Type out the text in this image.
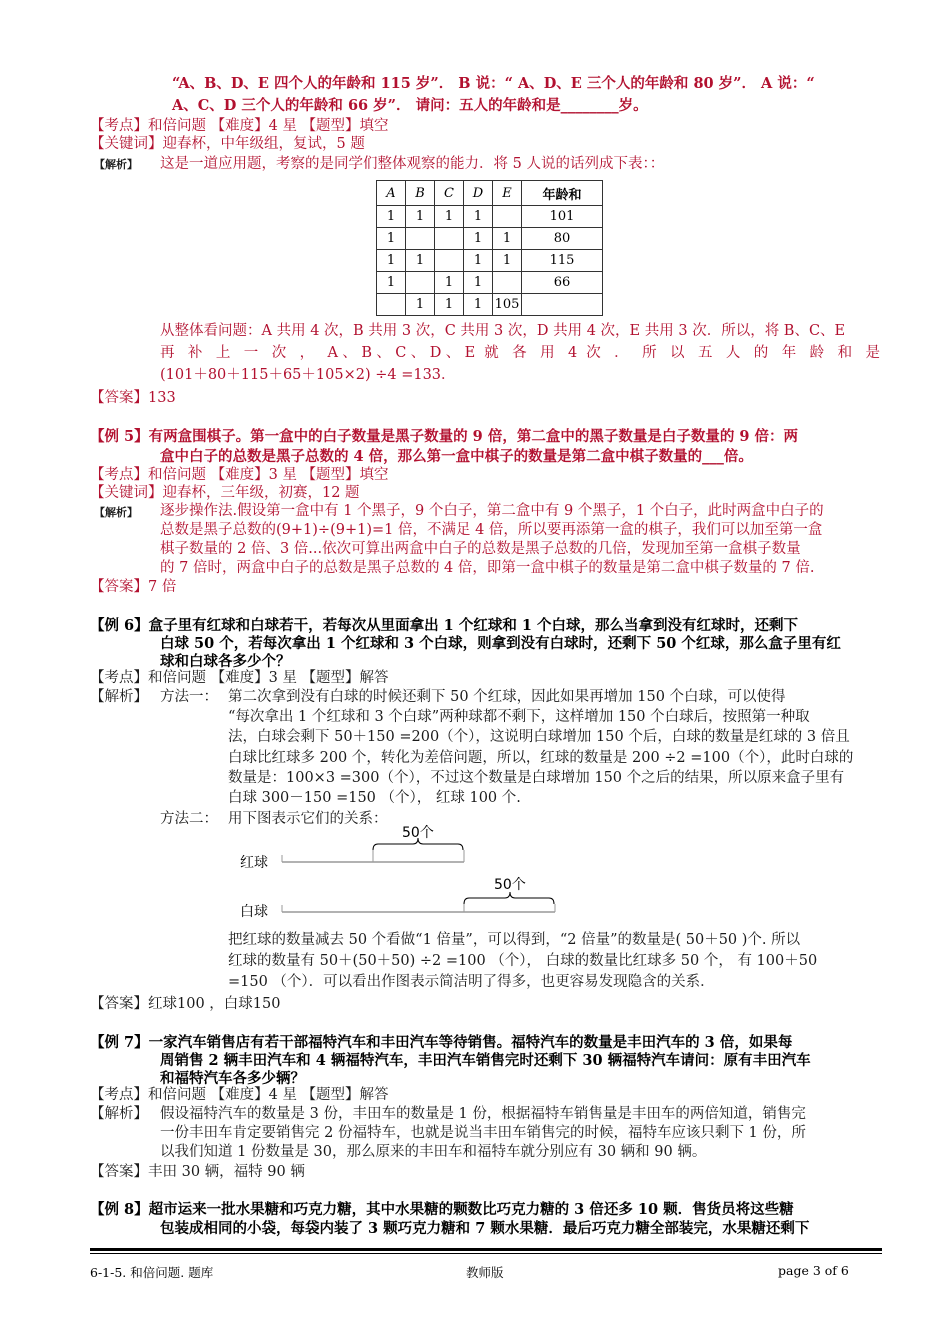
“A、B、D、E 四个人的年龄和 115 岁”． B 说：“ A、D、E 三个人的年龄和 80 岁”． A 说：“
A、C、D 三个人的年龄和 66 岁”． 请问：五人的年龄和是________岁。
【考点】和倍问题 【难度】4 星 【题型】填空
【关键词】迎春杯，中年级组，复试，5 题
【解析】 这是一道应用题，考察的是同学们整体观察的能力．将 5 人说的话列成下表：：
A	B	C	D	E	年龄和
1	1	1	1		101
1			1	1	80
1	1		1	1	115
1		1	1		66
	1	1	1	105	
从整体看问题：A 共用 4 次，B 共用 3 次，C 共用 3 次，D 共用 4 次，E 共用 3 次．所以，将 B、C、E
再 补 上 一 次 ， A、B、C、D、E 就 各 用 4 次 ． 所 以 五 人 的 年 龄 和 是
(101＋80＋115＋65＋105×2) ÷4 =133．
【答案】133
【例 5】有两盒围棋子。第一盒中的白子数量是黑子数量的 9 倍，第二盒中的黑子数量是白子数量的 9 倍：两
盒中白子的总数是黑子总数的 4 倍，那么第一盒中棋子的数量是第二盒中棋子数量的___倍。
【考点】和倍问题 【难度】3 星 【题型】填空
【关键词】迎春杯，三年级，初赛，12 题
【解析】 逐步操作法.假设第一盒中有 1 个黑子，9 个白子，第二盒中有 9 个黑子，1 个白子，此时两盒中白子的
总数是黑子总数的(9+1)÷(9+1)=1 倍，不满足 4 倍，所以要再添第一盒的棋子，我们可以加至第一盒
棋子数量的 2 倍、3 倍...依次可算出两盒中白子的总数是黑子总数的几倍，发现加至第一盒棋子数量
的 7 倍时，两盒中白子的总数是黑子总数的 4 倍，即第一盒中棋子的数量是第二盒中棋子数量的 7 倍.
【答案】7 倍
【例 6】盒子里有红球和白球若干，若每次从里面拿出 1 个红球和 1 个白球，那么当拿到没有红球时，还剩下
白球 50 个，若每次拿出 1 个红球和 3 个白球，则拿到没有白球时，还剩下 50 个红球，那么盒子里有红
球和白球各多少个？
【考点】和倍问题 【难度】3 星 【题型】解答
【解析】 方法一： 第二次拿到没有白球的时候还剩下 50 个红球，因此如果再增加 150 个白球，可以使得
“每次拿出 1 个红球和 3 个白球”两种球都不剩下，这样增加 150 个白球后，按照第一种取
法，白球会剩下 50＋150 =200（个），这说明白球增加 150 个后，白球的数量是红球的 3 倍且
白球比红球多 200 个，转化为差倍问题，所以，红球的数量是 200 ÷2 =100（个），此时白球的
数量是：100×3 =300（个），不过这个数量是白球增加 150 个之后的结果，所以原来盒子里有
白球 300－150 =150 （个）， 红球 100 个.
方法二： 用下图表示它们的关系：
50个
红球
50个
白球
把红球的数量减去 50 个看做“1 倍量”，可以得到，“2 倍量”的数量是( 50＋50 )个. 所以
红球的数量有 50＋(50＋50) ÷2 =100 （个）， 白球的数量比红球多 50 个， 有 100＋50
=150 （个）．可以看出作图表示简洁明了得多，也更容易发现隐含的关系．
【答案】红球100 ，白球150
【例 7】一家汽车销售店有若干部福特汽车和丰田汽车等待销售。福特汽车的数量是丰田汽车的 3 倍，如果每
周销售 2 辆丰田汽车和 4 辆福特汽车，丰田汽车销售完时还剩下 30 辆福特汽车请问：原有丰田汽车
和福特汽车各多少辆？
【考点】和倍问题 【难度】4 星 【题型】解答
【解析】 假设福特汽车的数量是 3 份，丰田车的数量是 1 份，根据福特车销售量是丰田车的两倍知道，销售完
一份丰田车肯定要销售完 2 份福特车，也就是说当丰田车销售完的时候，福特车应该只剩下 1 份，所
以我们知道 1 份数量是 30，那么原来的丰田车和福特车就分别应有 30 辆和 90 辆。
【答案】丰田 30 辆，福特 90 辆
【例 8】超市运来一批水果糖和巧克力糖，其中水果糖的颗数比巧克力糖的 3 倍还多 10 颗．售货员将这些糖
包装成相同的小袋，每袋内装了 3 颗巧克力糖和 7 颗水果糖．最后巧克力糖全部装完，水果糖还剩下
6-1-5. 和倍问题. 题库	教师版	page 3 of 6
